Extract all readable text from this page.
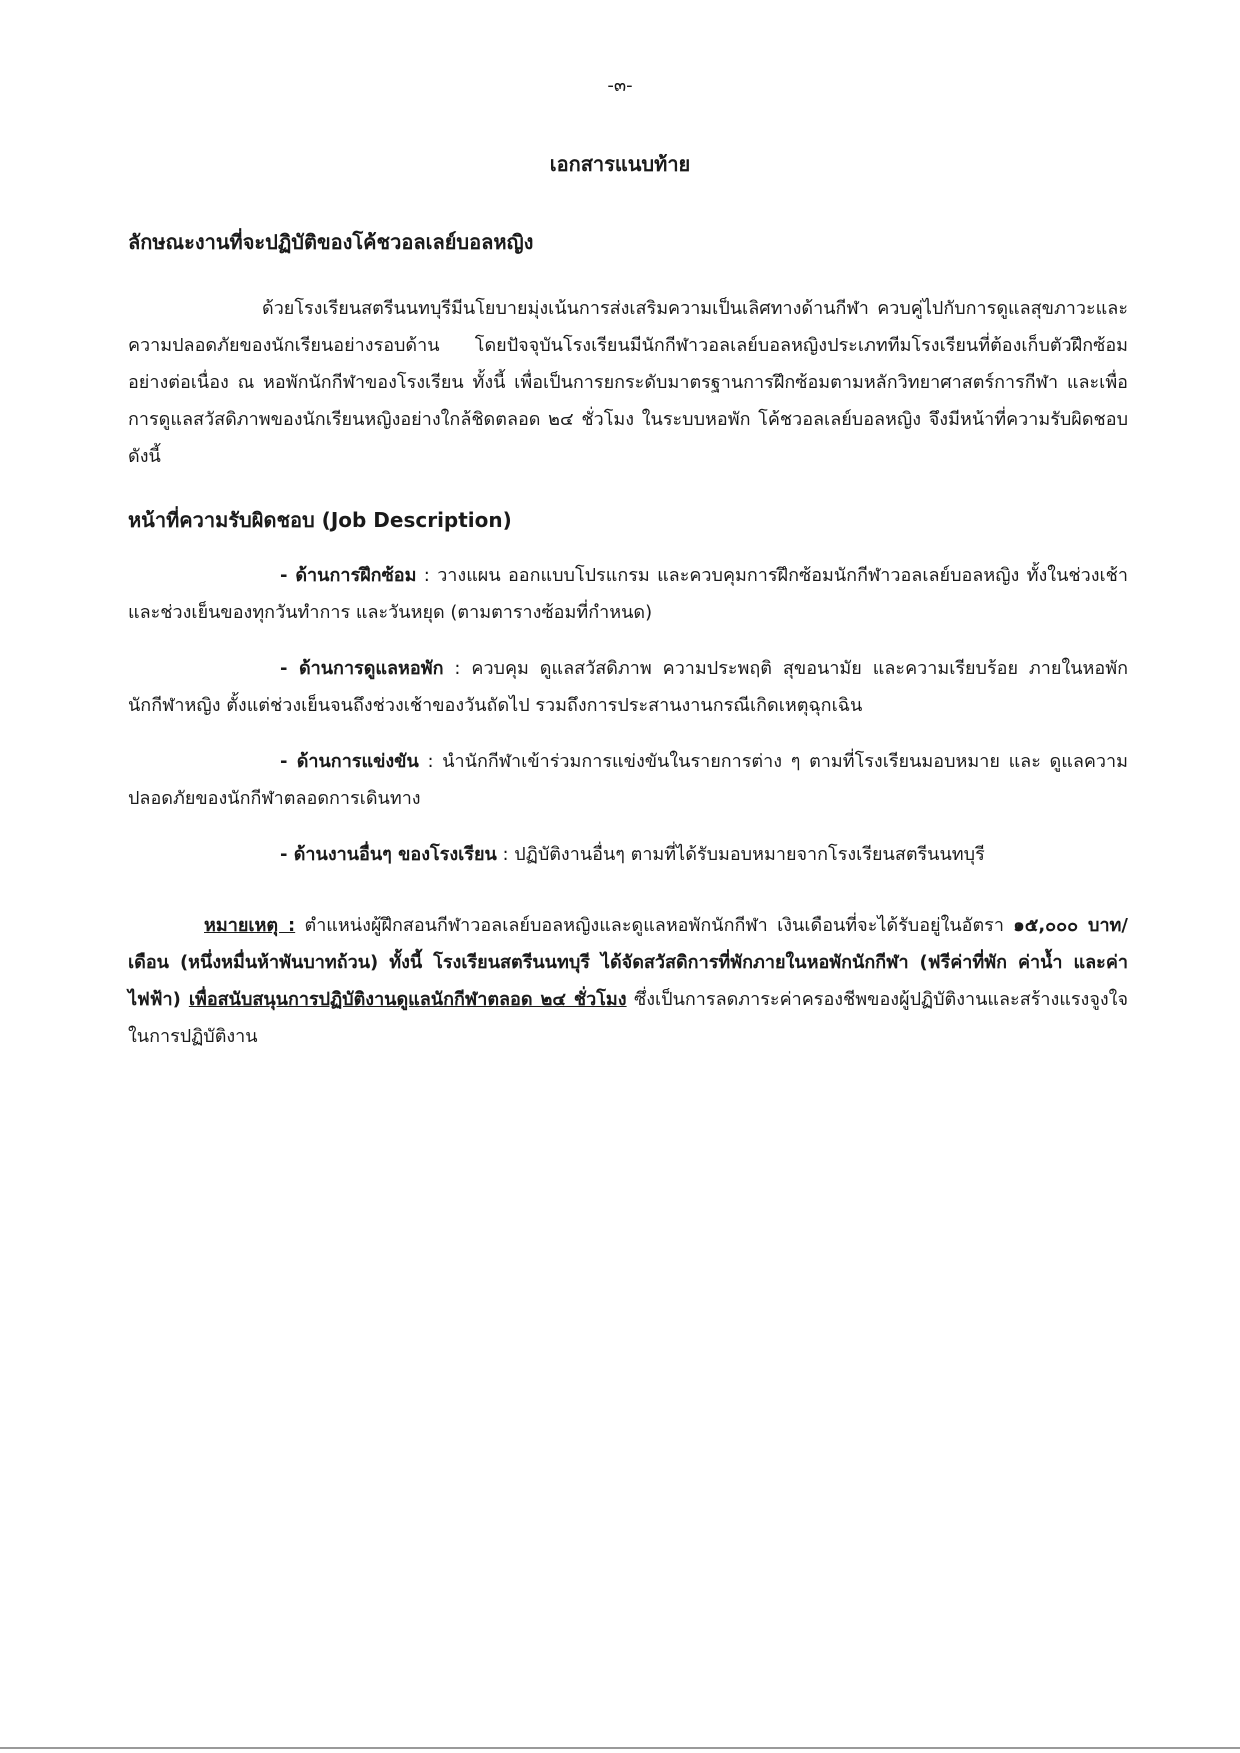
-๓-
เอกสารแนบท้าย
ลักษณะงานที่จะปฏิบัติของโค้ชวอลเลย์บอลหญิง
ด้วยโรงเรียนสตรีนนทบุรีมีนโยบายมุ่งเน้นการส่งเสริมความเป็นเลิศทางด้านกีฬา ควบคู่ไปกับการดูแลสุขภาวะและความปลอดภัยของนักเรียนอย่างรอบด้าน โดยปัจจุบันโรงเรียนมีนักกีฬาวอลเลย์บอลหญิงประเภททีมโรงเรียนที่ต้องเก็บตัวฝึกซ้อมอย่างต่อเนื่อง ณ หอพักนักกีฬาของโรงเรียน ทั้งนี้ เพื่อเป็นการยกระดับมาตรฐานการฝึกซ้อมตามหลักวิทยาศาสตร์การกีฬา และเพื่อการดูแลสวัสดิภาพของนักเรียนหญิงอย่างใกล้ชิดตลอด ๒๔ ชั่วโมง ในระบบหอพัก โค้ชวอลเลย์บอลหญิง จึงมีหน้าที่ความรับผิดชอบดังนี้
หน้าที่ความรับผิดชอบ (Job Description)
- ด้านการฝึกซ้อม : วางแผน ออกแบบโปรแกรม และควบคุมการฝึกซ้อมนักกีฬาวอลเลย์บอลหญิง ทั้งในช่วงเช้าและช่วงเย็นของทุกวันทำการ และวันหยุด (ตามตารางซ้อมที่กำหนด)
- ด้านการดูแลหอพัก : ควบคุม ดูแลสวัสดิภาพ ความประพฤติ สุขอนามัย และความเรียบร้อย ภายในหอพักนักกีฬาหญิง ตั้งแต่ช่วงเย็นจนถึงช่วงเช้าของวันถัดไป รวมถึงการประสานงานกรณีเกิดเหตุฉุกเฉิน
- ด้านการแข่งขัน : นำนักกีฬาเข้าร่วมการแข่งขันในรายการต่าง ๆ ตามที่โรงเรียนมอบหมาย และ ดูแลความปลอดภัยของนักกีฬาตลอดการเดินทาง
- ด้านงานอื่นๆ ของโรงเรียน : ปฏิบัติงานอื่นๆ ตามที่ได้รับมอบหมายจากโรงเรียนสตรีนนทบุรี
หมายเหตุ : ตำแหน่งผู้ฝึกสอนกีฬาวอลเลย์บอลหญิงและดูแลหอพักนักกีฬา เงินเดือนที่จะได้รับอยู่ในอัตรา ๑๕,๐๐๐ บาท/เดือน (หนึ่งหมื่นห้าพันบาทถ้วน) ทั้งนี้ โรงเรียนสตรีนนทบุรี ได้จัดสวัสดิการที่พักภายในหอพักนักกีฬา (ฟรีค่าที่พัก ค่าน้ำ และค่าไฟฟ้า) เพื่อสนับสนุนการปฏิบัติงานดูแลนักกีฬาตลอด ๒๔ ชั่วโมง ซึ่งเป็นการลดภาระค่าครองชีพของผู้ปฏิบัติงานและสร้างแรงจูงใจในการปฏิบัติงาน
